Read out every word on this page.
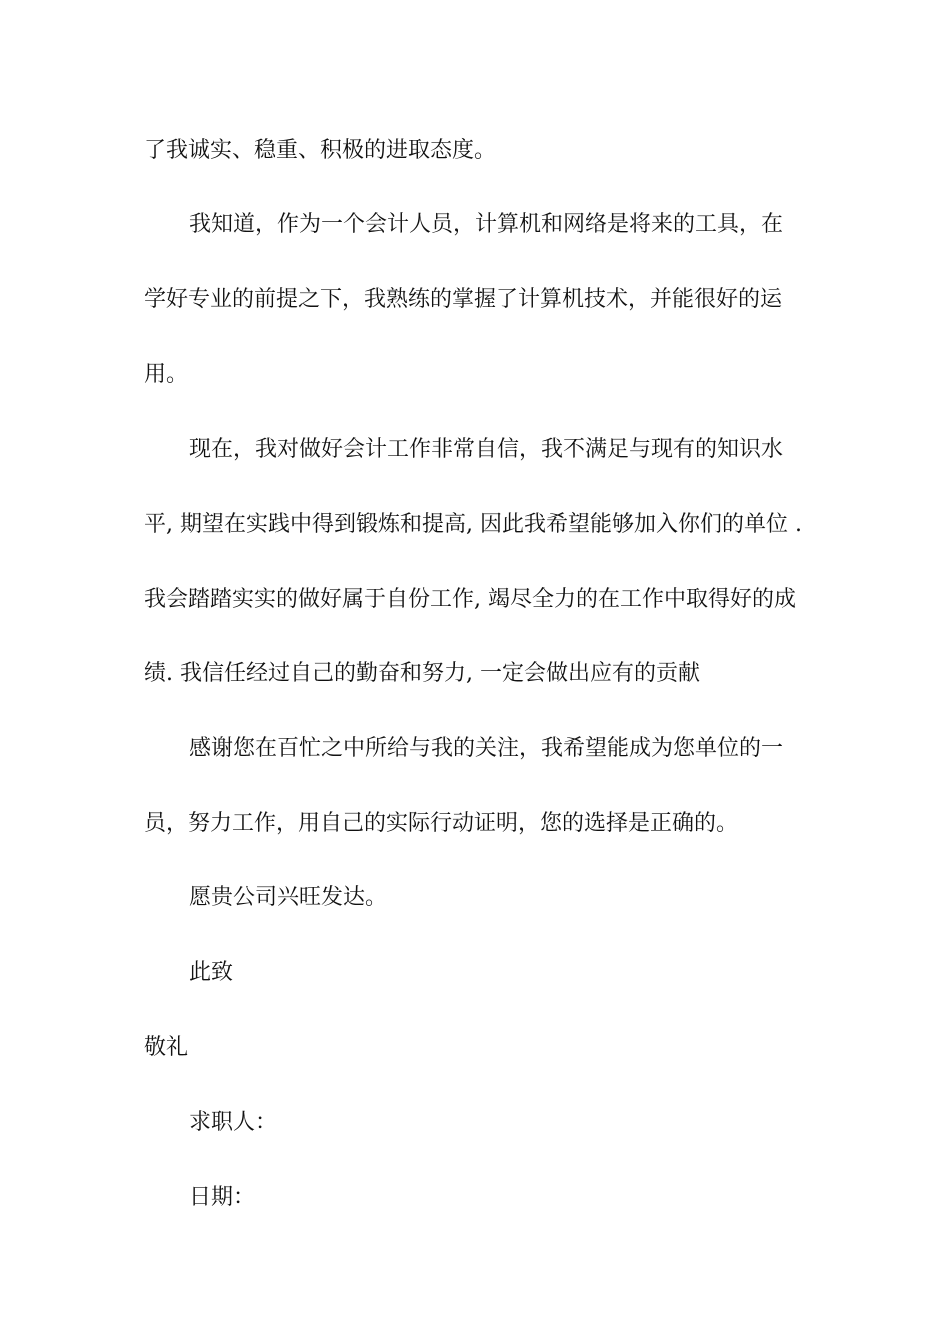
了我诚实、稳重、积极的进取态度。

我知道，作为一个会计人员，计算机和网络是将来的工具，在

学好专业的前提之下，我熟练的掌握了计算机技术，并能很好的运

用。

现在，我对做好会计工作非常自信，我不满足与现有的知识水

平, 期望在实践中得到锻炼和提高, 因此我希望能够加入你们的单位 .

我会踏踏实实的做好属于自份工作, 竭尽全力的在工作中取得好的成

绩. 我信任经过自己的勤奋和努力, 一定会做出应有的贡献

感谢您在百忙之中所给与我的关注，我希望能成为您单位的一

员，努力工作，用自己的实际行动证明，您的选择是正确的。

愿贵公司兴旺发达。

此致

敬礼

求职人：

日期：
